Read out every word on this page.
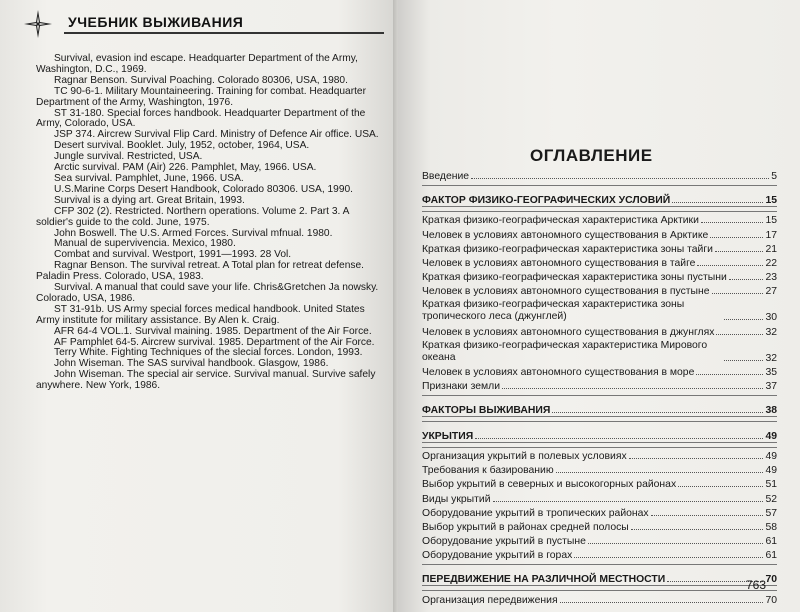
УЧЕБНИК ВЫЖИВАНИЯ

Survival, evasion ind escape. Headquarter Department of the Army, Washington, D.C., 1969.

Ragnar Benson. Survival Poaching. Colorado 80306, USA, 1980.

TC 90-6-1. Military Mountaineering. Training for combat. Headquarter Department of the Army, Washington, 1976.

ST 31-180. Special forces handbook. Headquarter Department of the Army, Colorado, USA.

JSP 374. Aircrew Survival Flip Card. Ministry of Defence Air office. USA.

Desert survival. Booklet. July, 1952, october, 1964, USA.

Jungle survival. Restricted, USA.

Arctic survival. PAM (Air) 226. Pamphlet, May, 1966. USA.

Sea survival. Pamphlet, June, 1966. USA.

U.S.Marine Corps Desert Handbook, Colorado 80306. USA, 1990.

Survival is a dying art. Great Britain, 1993.

CFP 302 (2). Restricted. Northern operations. Volume 2. Part 3. A soldier's guide to the cold. June, 1975.

John Boswell. The U.S. Armed Forces. Survival mfnual. 1980.

Manual de supervivencia. Mexico, 1980.

Combat and survival. Westport, 1991—1993. 28 Vol.

Ragnar Benson. The survival retreat. A Total plan for retreat defense. Paladin Press. Colorado, USA, 1983.

Survival. A manual that could save your life. Chris&Gretchen Ja nowsky. Colorado, USA, 1986.

ST 31-91b. US Army special forces medical handbook. United States Army institute for military assistance. By Alen k. Craig.

AFR 64-4 VOL.1. Survival maining. 1985. Department of the Air Force.

AF Pamphlet 64-5. Aircrew survival. 1985. Department of the Air Force.

Terry White. Fighting Techniques of the slecial forces. London, 1993.

John Wiseman. The SAS survival handbook. Glasgow, 1986.

John Wiseman. The special air service. Survival manual. Survive safely anywhere. New York, 1986.

ОГЛАВЛЕНИЕ
Введение	5
ФАКТОР ФИЗИКО-ГЕОГРАФИЧЕСКИХ УСЛОВИЙ	15
Краткая физико-географическая характеристика Арктики	15
Человек в условиях автономного существования в Арктике	17
Краткая физико-географическая характеристика зоны тайги	21
Человек в условиях автономного существования в тайге	22
Краткая физико-географическая характеристика зоны пустыни	23
Человек в условиях автономного существования в пустыне	27
Краткая физико-географическая характеристика зоны тропического леса (джунглей)	30
Человек в условиях автономного существования в джунглях	32
Краткая физико-географическая характеристика Мирового океана	32
Человек в условиях автономного существования в море	35
Признаки земли	37
ФАКТОРЫ ВЫЖИВАНИЯ	38
УКРЫТИЯ	49
Организация укрытий в полевых условиях	49
Требования к базированию	49
Выбор укрытий в северных и высокогорных районах	51
Виды укрытий	52
Оборудование укрытий в тропических районах	57
Выбор укрытий в районах средней полосы	58
Оборудование укрытий в пустыне	61
Оборудование укрытий в горах	61
ПЕРЕДВИЖЕНИЕ НА РАЗЛИЧНОЙ МЕСТНОСТИ	70
Организация передвижения	70
763
